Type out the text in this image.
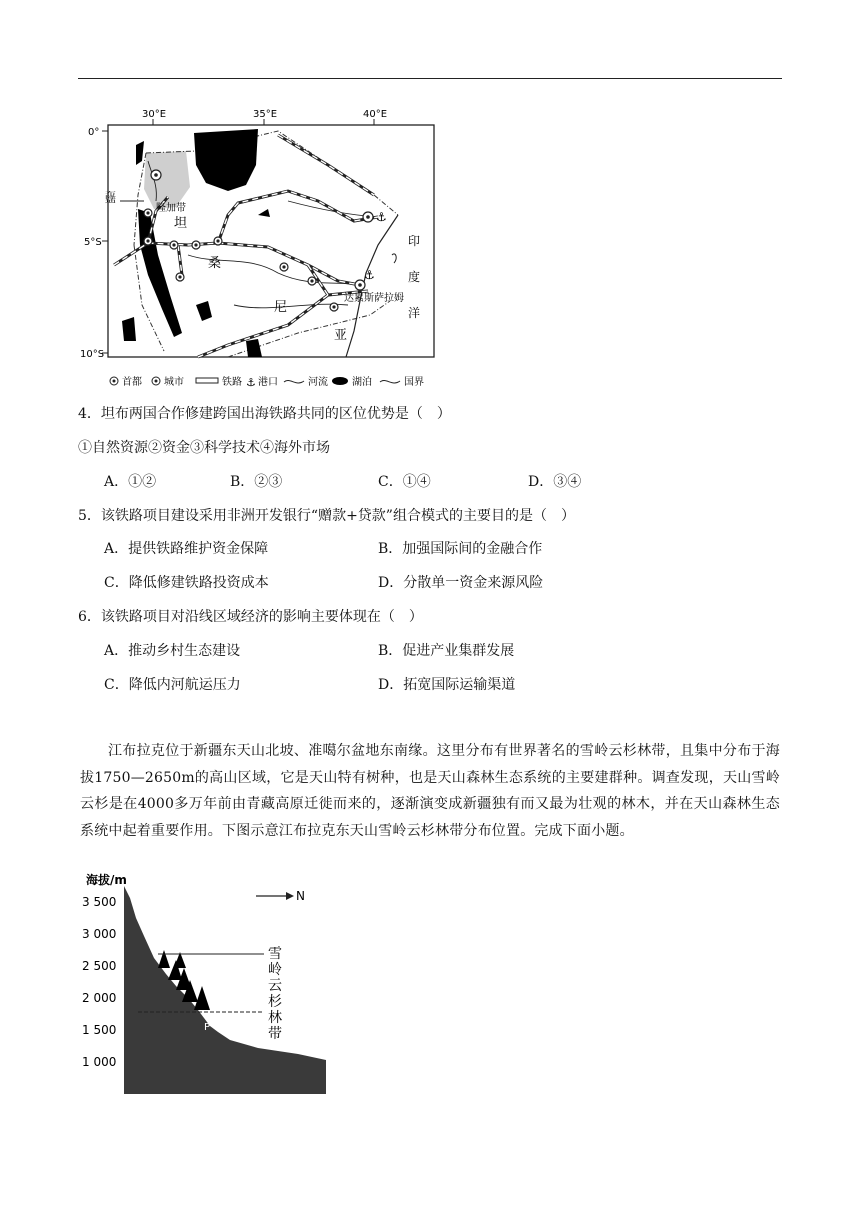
30°E	35°E	40°E
0°
5°S
10°S
⚓
⚓
隆加带
坦
桑
尼
亚
达累斯萨拉姆
印
度
洋
首都 城市	铁路 ⚓ 港口	河流 湖泊	国界
4．坦布两国合作修建跨国出海铁路共同的区位优势是（　）
①自然资源②资金③科学技术④海外市场
A．①②	B．②③	C．①④	D．③④
5．该铁路项目建设采用非洲开发银行“赠款+贷款”组合模式的主要目的是（　）
A．提供铁路维护资金保障	B．加强国际间的金融合作
C．降低修建铁路投资成本	D．分散单一资金来源风险
6．该铁路项目对沿线区域经济的影响主要体现在（　）
A．推动乡村生态建设	B．促进产业集群发展
C．降低内河航运压力	D．拓宽国际运输渠道
江布拉克位于新疆东天山北坡、准噶尔盆地东南缘。这里分布有世界著名的雪岭云杉林带，且集中分布于海拔1750—2650m的高山区域，它是天山特有树种，也是天山森林生态系统的主要建群种。调查发现，天山雪岭云杉是在4000多万年前由青藏高原迁徙而来的，逐渐演变成新疆独有而又最为壮观的林木，并在天山森林生态系统中起着重要作用。下图示意江布拉克东天山雪岭云杉林带分布位置。完成下面小题。
海拔/m
3 500
3 000
2 500
2 000
1 500
1 000
N
P
雪
岭
云
杉
林
带
